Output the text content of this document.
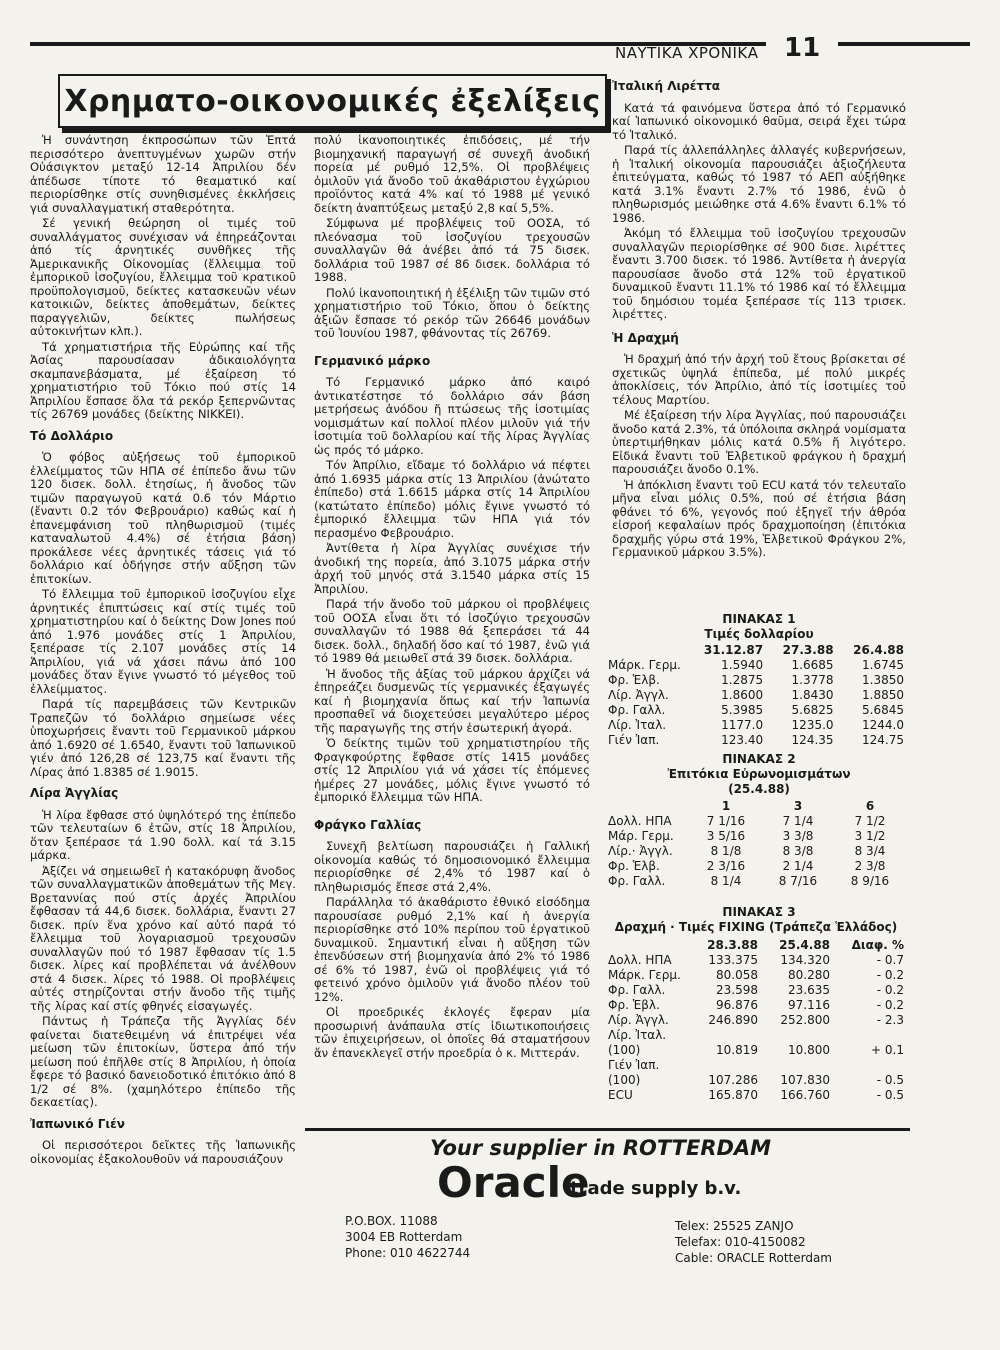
ΝΑΥΤΙΚΑ ΧΡΟΝΙΚΑ 11
Χρηματο-οικονομικές ἐξελίξεις

Ἡ συνάντηση ἐκπροσώπων τῶν Ἑπτά περισσότερο ἀνεπτυγμένων χωρῶν στήν Οὐάσιγκτον μεταξύ 12-14 Ἀπριλίου δέν ἀπέδωσε τίποτε τό θεαματικό καί περιορίσθηκε στίς συνηθισμένες ἐκκλήσεις γιά συναλλαγματική σταθερότητα.

Σέ γενική θεώρηση οἱ τιμές τοῦ συναλλάγματος συνέχισαν νά ἐπηρεάζονται ἀπό τίς ἀρνητικές συνθῆκες τῆς Ἀμερικανικῆς Οἰκονομίας (ἔλλειμμα τοῦ ἐμπορικοῦ ἰσοζυγίου, ἔλλειμμα τοῦ κρατικοῦ προϋπολογισμοῦ, δείκτες κατασκευῶν νέων κατοικιῶν, δείκτες ἀποθεμάτων, δείκτες παραγγελιῶν, δείκτες πωλήσεως αὐτοκινήτων κλπ.).

Τά χρηματιστήρια τῆς Εὐρώπης καί τῆς Ἀσίας παρουσίασαν ἀδικαιολόγητα σκαμπανεβάσματα, μέ ἐξαίρεση τό χρηματιστήριο τοῦ Τόκιο πού στίς 14 Ἀπριλίου ἔσπασε ὅλα τά ρεκόρ ξεπερνῶντας τίς 26769 μονάδες (δείκτης NIKKEI).

Τό Δολλάριο

Ὁ φόβος αὐξήσεως τοῦ ἐμπορικοῦ ἐλλείμματος τῶν ΗΠΑ σέ ἐπίπεδο ἄνω τῶν 120 δισεκ. δολλ. ἐτησίως, ἡ ἄνοδος τῶν τιμῶν παραγωγοῦ κατά 0.6 τόν Μάρτιο (ἔναντι 0.2 τόν Φεβρουάριο) καθώς καί ἡ ἐπανεμφάνιση τοῦ πληθωρισμοῦ (τιμές καταναλωτοῦ 4.4%) σέ ἐτήσια βάση) προκάλεσε νέες ἀρνητικές τάσεις γιά τό δολλάριο καί ὁδήγησε στήν αὔξηση τῶν ἐπιτοκίων.

Τό ἔλλειμμα τοῦ ἐμπορικοῦ ἰσοζυγίου εἶχε ἀρνητικές ἐπιπτώσεις καί στίς τιμές τοῦ χρηματιστηρίου καί ὁ δείκτης Dow Jones πού ἀπό 1.976 μονάδες στίς 1 Ἀπριλίου, ξεπέρασε τίς 2.107 μονάδες στίς 14 Ἀπριλίου, γιά νά χάσει πάνω ἀπό 100 μονάδες ὅταν ἔγινε γνωστό τό μέγεθος τοῦ ἐλλείμματος.

Παρά τίς παρεμβάσεις τῶν Κεντρικῶν Τραπεζῶν τό δολλάριο σημείωσε νέες ὑποχωρήσεις ἔναντι τοῦ Γερμανικοῦ μάρκου ἀπό 1.6920 σέ 1.6540, ἔναντι τοῦ Ἰαπωνικοῦ γιέν ἀπό 126,28 σέ 123,75 καί ἔναντι τῆς Λίρας ἀπό 1.8385 σέ 1.9015.

Λίρα Ἀγγλίας

Ἡ λίρα ἔφθασε στό ὑψηλότερό της ἐπίπεδο τῶν τελευταίων 6 ἐτῶν, στίς 18 Ἀπριλίου, ὅταν ξεπέρασε τά 1.90 δολλ. καί τά 3.15 μάρκα.

Ἀξίζει νά σημειωθεῖ ἡ κατακόρυφη ἄνοδος τῶν συναλλαγματικῶν ἀποθεμάτων τῆς Μεγ. Βρεταννίας πού στίς ἀρχές Ἀπριλίου ἔφθασαν τά 44,6 δισεκ. δολλάρια, ἔναντι 27 δισεκ. πρίν ἕνα χρόνο καί αὐτό παρά τό ἔλλειμμα τοῦ λογαριασμοῦ τρεχουσῶν συναλλαγῶν πού τό 1987 ἔφθασαν τίς 1.5 δισεκ. λίρες καί προβλέπεται νά ἀνέλθουν στά 4 δισεκ. λίρες τό 1988. Οἱ προβλέψεις αὐτές στηρίζονται στήν ἄνοδο τῆς τιμῆς τῆς λίρας καί στίς φθηνές εἰσαγωγές.

Πάντως ἡ Τράπεζα τῆς Ἀγγλίας δέν φαίνεται διατεθειμένη νά ἐπιτρέψει νέα μείωση τῶν ἐπιτοκίων, ὕστερα ἀπό τήν μείωση πού ἐπῆλθε στίς 8 Ἀπριλίου, ἡ ὁποία ἔφερε τό βασικό δανειοδοτικό ἐπιτόκιο ἀπό 8 1/2 σέ 8%. (χαμηλότερο ἐπίπεδο τῆς δεκαετίας).

Ἰαπωνικό Γιέν

Οἱ περισσότεροι δεῖκτες τῆς Ἰαπωνικῆς οἰκονομίας ἐξακολουθοῦν νά παρουσιάζουν

πολύ ἱκανοποιητικές ἐπιδόσεις, μέ τήν βιομηχανική παραγωγή σέ συνεχῆ ἀνοδική πορεία μέ ρυθμό 12,5%. Οἱ προβλέψεις ὁμιλοῦν γιά ἄνοδο τοῦ ἀκαθάριστου ἐγχώριου προϊόντος κατά 4% καί τό 1988 μέ γενικό δείκτη ἀναπτύξεως μεταξύ 2,8 καί 5,5%.

Σύμφωνα μέ προβλέψεις τοῦ ΟΟΣΑ, τό πλεόνασμα τοῦ ἰσοζυγίου τρεχουσῶν συναλλαγῶν θά ἀνέβει ἀπό τά 75 δισεκ. δολλάρια τοῦ 1987 σέ 86 δισεκ. δολλάρια τό 1988.

Πολύ ἱκανοποιητική ἡ ἐξέλιξη τῶν τιμῶν στό χρηματιστήριο τοῦ Τόκιο, ὅπου ὁ δείκτης ἀξιῶν ἔσπασε τό ρεκόρ τῶν 26646 μονάδων τοῦ Ἰουνίου 1987, φθάνοντας τίς 26769.

Γερμανικό μάρκο

Τό Γερμανικό μάρκο ἀπό καιρό ἀντικατέστησε τό δολλάριο σάν βάση μετρήσεως ἀνόδου ἤ πτώσεως τῆς ἰσοτιμίας νομισμάτων καί πολλοί πλέον μιλοῦν γιά τήν ἰσοτιμία τοῦ δολλαρίου καί τῆς λίρας Ἀγγλίας ὡς πρός τό μάρκο.

Τόν Ἀπρίλιο, εἴδαμε τό δολλάριο νά πέφτει ἀπό 1.6935 μάρκα στίς 13 Ἀπριλίου (ἀνώτατο ἐπίπεδο) στά 1.6615 μάρκα στίς 14 Ἀπριλίου (κατώτατο ἐπίπεδο) μόλις ἔγινε γνωστό τό ἐμπορικό ἔλλειμμα τῶν ΗΠΑ γιά τόν περασμένο Φεβρουάριο.

Ἀντίθετα ἡ λίρα Ἀγγλίας συνέχισε τήν ἀνοδική της πορεία, ἀπό 3.1075 μάρκα στήν ἀρχή τοῦ μηνός στά 3.1540 μάρκα στίς 15 Ἀπριλίου.

Παρά τήν ἄνοδο τοῦ μάρκου οἱ προβλέψεις τοῦ ΟΟΣΑ εἶναι ὅτι τό ἰσοζύγιο τρεχουσῶν συναλλαγῶν τό 1988 θά ξεπεράσει τά 44 δισεκ. δολλ., δηλαδή ὅσο καί τό 1987, ἐνῶ γιά τό 1989 θά μειωθεῖ στά 39 δισεκ. δολλάρια.

Ἡ ἄνοδος τῆς ἀξίας τοῦ μάρκου ἀρχίζει νά ἐπηρεάζει δυσμενῶς τίς γερμανικές ἐξαγωγές καί ἡ βιομηχανία ὅπως καί τήν Ἰαπωνία προσπαθεῖ νά διοχετεύσει μεγαλύτερο μέρος τῆς παραγωγῆς της στήν ἐσωτερική ἀγορά.

Ὁ δείκτης τιμῶν τοῦ χρηματιστηρίου τῆς Φραγκφούρτης ἔφθασε στίς 1415 μονάδες στίς 12 Ἀπριλίου γιά νά χάσει τίς ἑπόμενες ἡμέρες 27 μονάδες, μόλις ἔγινε γνωστό τό ἐμπορικό ἔλλειμμα τῶν ΗΠΑ.

Φράγκο Γαλλίας

Συνεχῆ βελτίωση παρουσιάζει ἡ Γαλλική οἰκονομία καθώς τό δημοσιονομικό ἔλλειμμα περιορίσθηκε σέ 2,4% τό 1987 καί ὁ πληθωρισμός ἔπεσε στά 2,4%.

Παράλληλα τό ἀκαθάριστο ἐθνικό εἰσόδημα παρουσίασε ρυθμό 2,1% καί ἡ ἀνεργία περιορίσθηκε στό 10% περίπου τοῦ ἐργατικοῦ δυναμικοῦ. Σημαντική εἶναι ἡ αὔξηση τῶν ἐπενδύσεων στή βιομηχανία ἀπό 2% τό 1986 σέ 6% τό 1987, ἐνῶ οἱ προβλέψεις γιά τό φετεινό χρόνο ὁμιλοῦν γιά ἄνοδο πλέον τοῦ 12%.

Οἱ προεδρικές ἐκλογές ἔφεραν μία προσωρινή ἀνάπαυλα στίς ἰδιωτικοποιήσεις τῶν ἐπιχειρήσεων, οἱ ὁποῖες θά σταματήσουν ἄν ἐπανεκλεγεῖ στήν προεδρία ὁ κ. Μιττεράν.

Ἰταλική Λιρέττα

Κατά τά φαινόμενα ὕστερα ἀπό τό Γερμανικό καί Ἰαπωνικό οἰκονομικό θαῦμα, σειρά ἔχει τώρα τό Ἰταλικό.

Παρά τίς ἀλλεπάλληλες ἀλλαγές κυβερνήσεων, ἡ Ἰταλική οἰκονομία παρουσιάζει ἀξιοζήλευτα ἐπιτεύγματα, καθώς τό 1987 τό ΑΕΠ αὐξήθηκε κατά 3.1% ἔναντι 2.7% τό 1986, ἐνῶ ὁ πληθωρισμός μειώθηκε στά 4.6% ἔναντι 6.1% τό 1986.

Ἀκόμη τό ἔλλειμμα τοῦ ἰσοζυγίου τρεχουσῶν συναλλαγῶν περιορίσθηκε σέ 900 δισε. λιρέττες ἔναντι 3.700 δισεκ. τό 1986. Ἀντίθετα ἡ ἀνεργία παρουσίασε ἄνοδο στά 12% τοῦ ἐργατικοῦ δυναμικοῦ ἔναντι 11.1% τό 1986 καί τό ἔλλειμμα τοῦ δημόσιου τομέα ξεπέρασε τίς 113 τρισεκ. λιρέττες.

Ἡ Δραχμή

Ἡ δραχμή ἀπό τήν ἀρχή τοῦ ἔτους βρίσκεται σέ σχετικῶς ὑψηλά ἐπίπεδα, μέ πολύ μικρές ἀποκλίσεις, τόν Ἀπρίλιο, ἀπό τίς ἰσοτιμίες τοῦ τέλους Μαρτίου.

Μέ ἐξαίρεση τήν λίρα Ἀγγλίας, πού παρουσιάζει ἄνοδο κατά 2.3%, τά ὑπόλοιπα σκληρά νομίσματα ὑπερτιμήθηκαν μόλις κατά 0.5% ἤ λιγότερο. Εἰδικά ἔναντι τοῦ Ἑλβετικοῦ φράγκου ἡ δραχμή παρουσιάζει ἄνοδο 0.1%.

Ἡ ἀπόκλιση ἔναντι τοῦ ECU κατά τόν τελευταῖο μῆνα εἶναι μόλις 0.5%, πού σέ ἐτήσια βάση φθάνει τό 6%, γεγονός πού ἐξηγεῖ τήν ἀθρόα εἰσροή κεφαλαίων πρός δραχμοποίηση (ἐπιτόκια δραχμῆς γύρω στά 19%, Ἑλβετικοῦ Φράγκου 2%, Γερμανικοῦ μάρκου 3.5%).

ΠΙΝΑΚΑΣ 1
Τιμές δολλαρίου
	31.12.87	27.3.88	26.4.88
Μάρκ. Γερμ.	1.5940	1.6685	1.6745
Φρ. Ἑλβ.	1.2875	1.3778	1.3850
Λίρ. Ἀγγλ.	1.8600	1.8430	1.8850
Φρ. Γαλλ.	5.3985	5.6825	5.6845
Λίρ. Ἰταλ.	1177.0	1235.0	1244.0
Γιέν Ἰαπ.	123.40	124.35	124.75
ΠΙΝΑΚΑΣ 2
Ἐπιτόκια Εὐρωνομισμάτων
(25.4.88)
	1	3	6
Δολλ. ΗΠΑ	7 1/16	7 1/4	7 1/2
Μάρ. Γερμ.	3 5/16	3 3/8	3 1/2
Λίρ.· Ἀγγλ.	8 1/8	8 3/8	8 3/4
Φρ. Ἑλβ.	2 3/16	2 1/4	2 3/8
Φρ. Γαλλ.	8 1/4	8 7/16	8 9/16
ΠΙΝΑΚΑΣ 3
Δραχμή · Τιμές FIXING (Τράπεζα Ἑλλάδος)
	28.3.88	25.4.88	Διαφ. %
Δολλ. ΗΠΑ	133.375	134.320	- 0.7
Μάρκ. Γερμ.	80.058	80.280	- 0.2
Φρ. Γαλλ.	23.598	23.635	- 0.2
Φρ. Ἑβλ.	96.876	97.116	- 0.2
Λίρ. Ἀγγλ.	246.890	252.800	- 2.3
Λίρ. Ἰταλ.			
(100)	10.819	10.800	+ 0.1
Γιέν Ἰαπ.			
(100)	107.286	107.830	- 0.5
ECU	165.870	166.760	- 0.5
Your supplier in ROTTERDAM
Oracle
trade supply b.v.
P.O.BOX. 11088
3004 EB Rotterdam
Phone: 010 4622744
Telex: 25525 ZANJO
Telefax: 010-4150082
Cable: ORACLE Rotterdam
